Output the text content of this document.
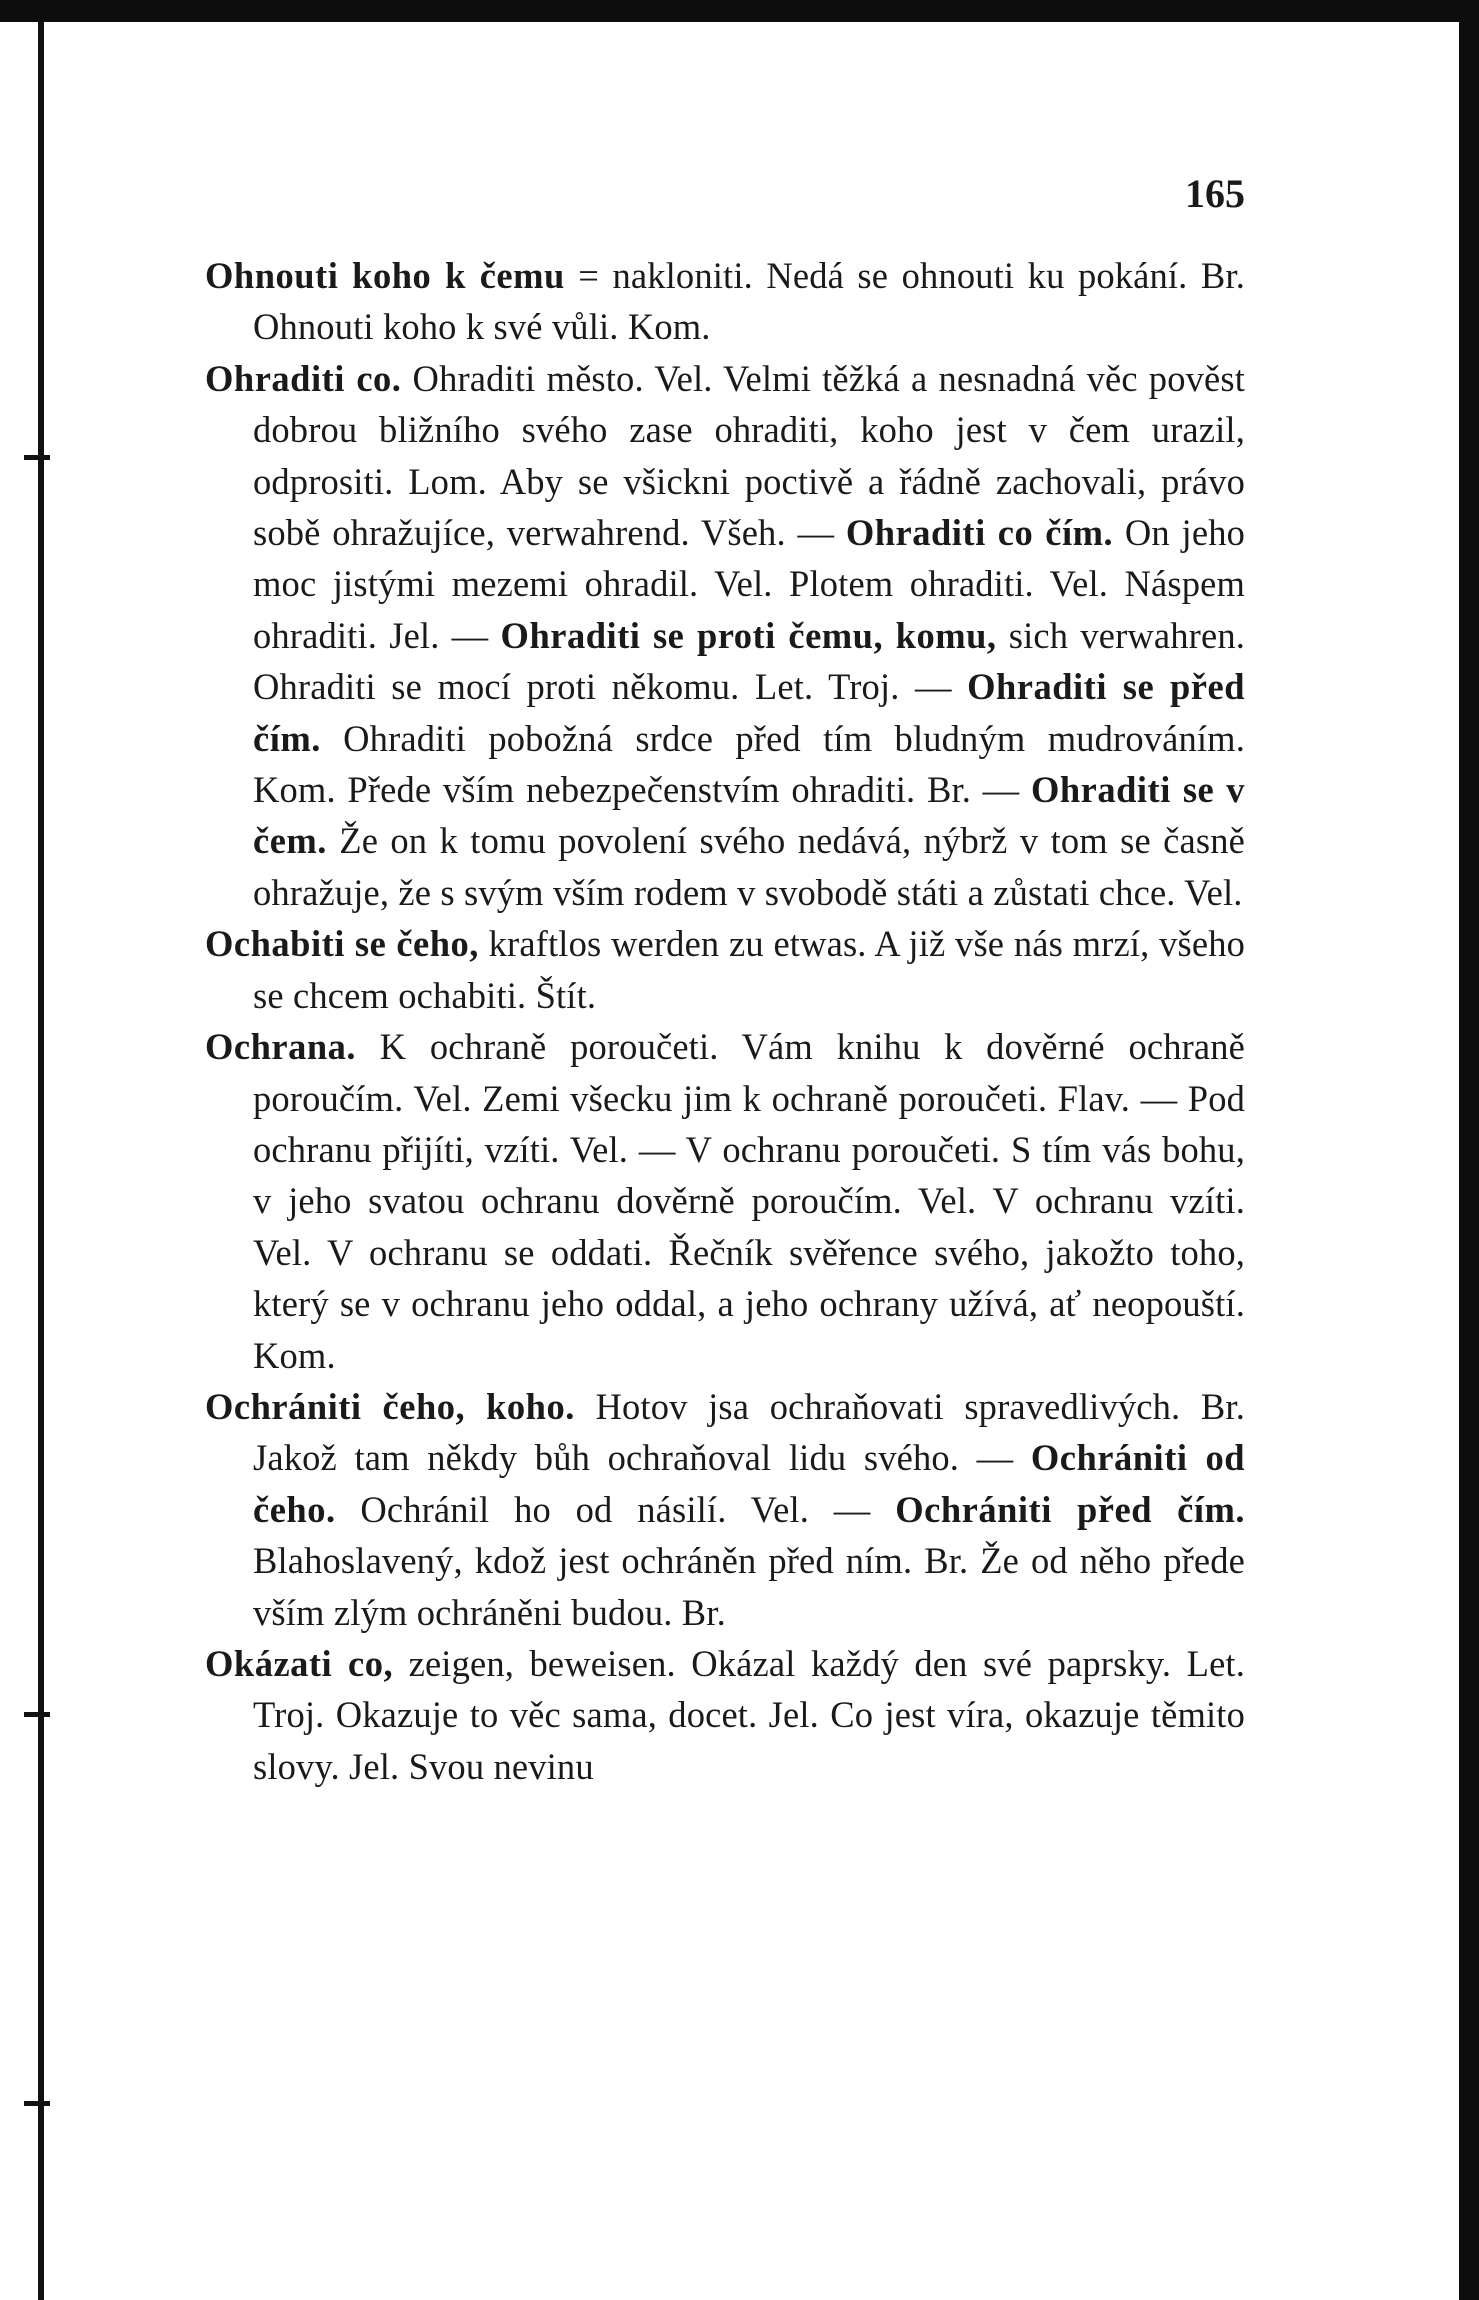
165

Ohnouti koho k čemu = nakloniti. Nedá se ohnouti ku pokání. Br. Ohnouti koho k své vůli. Kom.

Ohraditi co. Ohraditi město. Vel. Velmi těžká a nesnadná věc pověst dobrou bližního svého zase ohraditi, koho jest v čem urazil, odprositi. Lom. Aby se všickni poctivě a řádně zachovali, právo sobě ohražujíce, verwahrend. Všeh. — Ohraditi co čím. On jeho moc jistými mezemi ohradil. Vel. Plotem ohraditi. Vel. Náspem ohraditi. Jel. — Ohraditi se proti čemu, komu, sich verwahren. Ohraditi se mocí proti někomu. Let. Troj. — Ohraditi se před čím. Ohraditi pobožná srdce před tím bludným mudrováním. Kom. Přede vším nebezpečenstvím ohraditi. Br. — Ohraditi se v čem. Že on k tomu povolení svého nedává, nýbrž v tom se časně ohražuje, že s svým vším rodem v svobodě státi a zůstati chce. Vel.

Ochabiti se čeho, kraftlos werden zu etwas. A již vše nás mrzí, všeho se chcem ochabiti. Štít.

Ochrana. K ochraně poroučeti. Vám knihu k dověrné ochraně poroučím. Vel. Zemi všecku jim k ochraně poroučeti. Flav. — Pod ochranu přijíti, vzíti. Vel. — V ochranu poroučeti. S tím vás bohu, v jeho svatou ochranu dověrně poroučím. Vel. V ochranu vzíti. Vel. V ochranu se oddati. Řečník svěřence svého, jakožto toho, který se v ochranu jeho oddal, a jeho ochrany užívá, ať neopouští. Kom.

Ochrániti čeho, koho. Hotov jsa ochraňovati spravedlivých. Br. Jakož tam někdy bůh ochraňoval lidu svého. — Ochrániti od čeho. Ochránil ho od násilí. Vel. — Ochrániti před čím. Blahoslavený, kdož jest ochráněn před ním. Br. Že od něho přede vším zlým ochráněni budou. Br.

Okázati co, zeigen, beweisen. Okázal každý den své paprsky. Let. Troj. Okazuje to věc sama, docet. Jel. Co jest víra, okazuje těmito slovy. Jel. Svou nevinu
